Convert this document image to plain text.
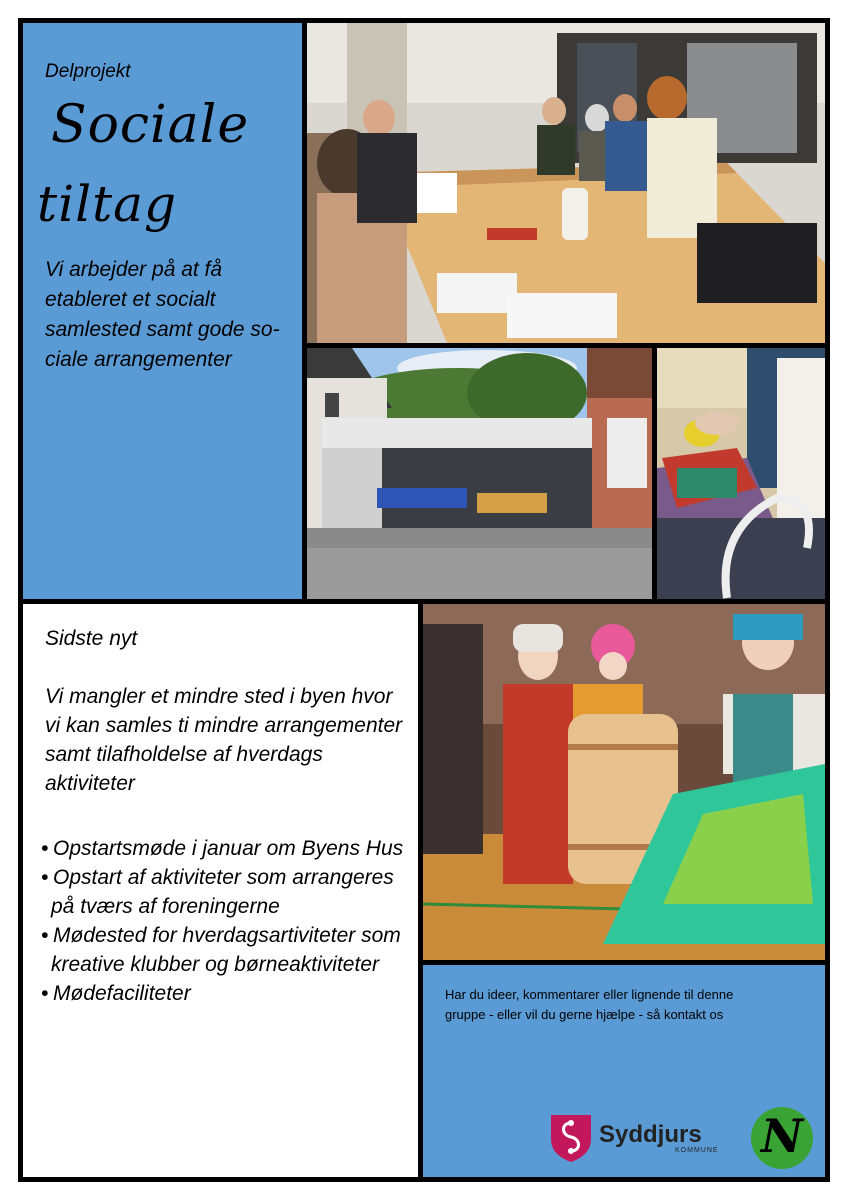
Delprojekt
Sociale
tiltag
Vi arbejder på at få etableret et socialt samlested samt gode so-ciale arrangementer
Sidste nyt
Vi mangler et mindre sted i byen hvor vi kan samles ti mindre arrangementer samt tilafholdelse af hverdags aktiviteter
• Opstartsmøde i januar om Byens Hus
• Opstart af aktiviteter som arrangeres
på tværs af foreningerne
• Mødested for hverdagsartiviteter som
kreative klubber og børneaktiviteter
• Mødefaciliteter	Har du ideer, kommentarer eller lignende til denne
gruppe - eller vil du gerne hjælpe - så kontakt os
Syddjurs
KOMMUNE N
